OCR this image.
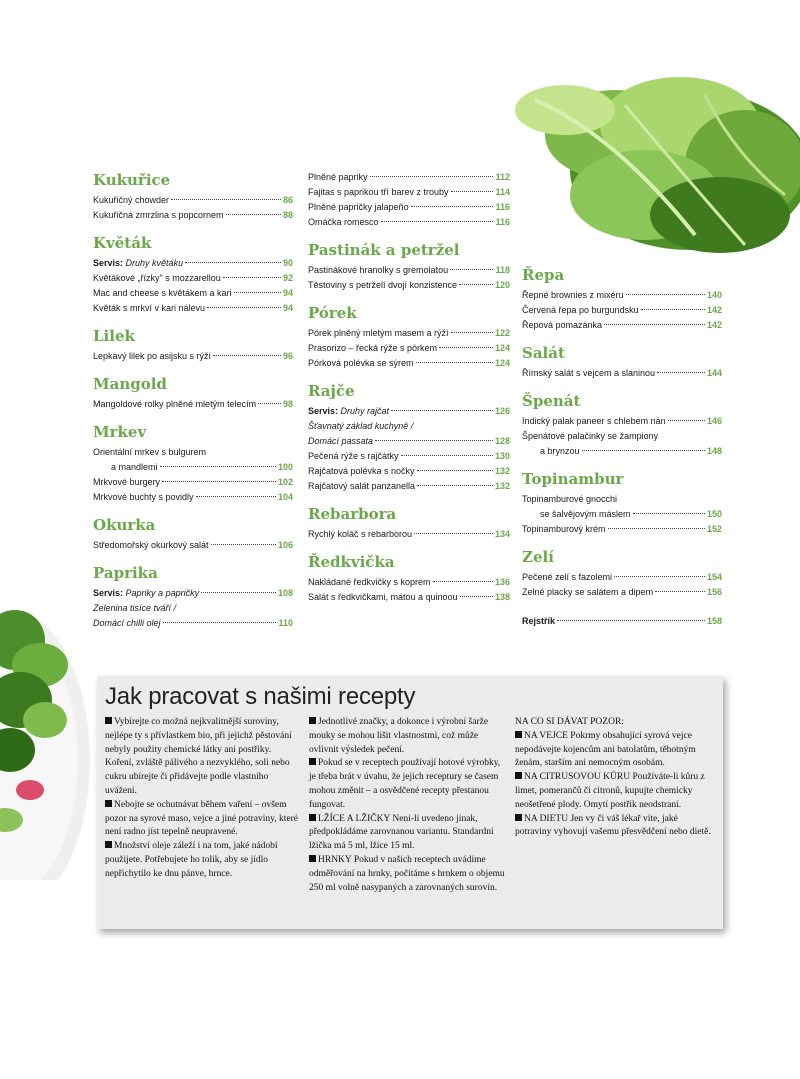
Kukuřice
Kukuřičný chowder	86
Kukuřičná zmrzlina s popcornem	88
Květák
Servis: Druhy květáku	90
Květákové „řízky" s mozzarellou	92
Mac and cheese s květákem a kari	94
Květák s mrkví v kari nálevu	94
Lilek
Lepkavý lilek po asijsku s rýží	96
Mangold
Mangoldové rolky plněné mletým telecím	98
Mrkev
Orientální mrkev s bulgurem
a mandlemi	100
Mrkvové burgery	102
Mrkvové buchty s povidly	104
Okurka
Středomořský okurkový salát	106
Paprika
Servis: Papriky a papričky	108
Zelenina tisíce tváří /
Domácí chilli olej	110
Plněné papriky	112
Fajitas s paprikou tří barev z trouby	114
Plněné papričky jalapeño	116
Omáčka romesco	116
Pastinák a petržel
Pastinákové hranolky s gremolatou	118
Těstoviny s petrželí dvojí konzistence	120
Pórek
Pórek plněný mletým masem a rýží	122
Prasorizo – řecká rýže s pórkem	124
Pórková polévka se sýrem	124
Rajče
Servis: Druhy rajčat	126
Šťavnatý základ kuchyně /
Domácí passata	128
Pečená rýže s rajčátky	130
Rajčatová polévka s nočky	132
Rajčatový salát panzanella	132
Rebarbora
Rychlý koláč s rebarborou	134
Ředkvička
Nakládané ředkvičky s koprem	136
Salát s ředkvičkami, mátou a quinoou	138
Řepa
Řepné brownies z mixéru	140
Červená řepa po burgundsku	142
Řepová pomazánka	142
Salát
Římský salát s vejcem a slaninou	144
Špenát
Indický palak paneer s chlebem nán	146
Špenátové palačinky se žampiony
a brynzou	148
Topinambur
Topinamburové gnocchi
se šalvějovým máslem	150
Topinamburový krém	152
Zelí
Pečené zelí s fazolemi	154
Zelné placky se salátem a dipem	156
Rejstřík	158
Jak pracovat s našimi recepty

Vybírejte co možná nejkvalitnější suroviny, nejlépe ty s přívlastkem bio, při jejichž pěstování nebyly použity chemické látky ani postřiky. Koření, zvláště pálivého a nezvyklého, soli nebo cukru ubírejte či přidávejte podle vlastního uvážení.

Nebojte se ochutnávat během vaření – ovšem pozor na syrové maso, vejce a jiné potraviny, které není radno jíst tepelně neupravené.

Množství oleje záleží i na tom, jaké nádobí použijete. Potřebujete ho tolik, aby se jídlo nepřichytilo ke dnu pánve, hrnce.

Jednotlivé značky, a dokonce i výrobní šarže mouky se mohou lišit vlastnostmi, což může ovlivnit výsledek pečení.

Pokud se v receptech používají hotové výrobky, je třeba brát v úvahu, že jejich receptury se časem mohou změnit – a osvědčené recepty přestanou fungovat.

LŽÍCE A LŽIČKY Není-li uvedeno jinak, předpokládáme zarovnanou variantu. Standardní lžička má 5 ml, lžíce 15 ml.

HRNKY Pokud v našich receptech uvádíme odměřování na hrnky, počítáme s hrnkem o objemu 250 ml volně nasypaných a zarovnaných surovin.

NA CO SI DÁVAT POZOR:

NA VEJCE Pokrmy obsahující syrová vejce nepodávejte kojencům ani batolatům, těhotným ženám, starším ani nemocným osobám.

NA CITRUSOVOU KŮRU Používáte-li kůru z limet, pomerančů či citronů, kupujte chemicky neošetřené plody. Omytí postřik neodstraní.

NA DIETU Jen vy či váš lékař víte, jaké potraviny vyhovují vašemu přesvědčení nebo dietě.
